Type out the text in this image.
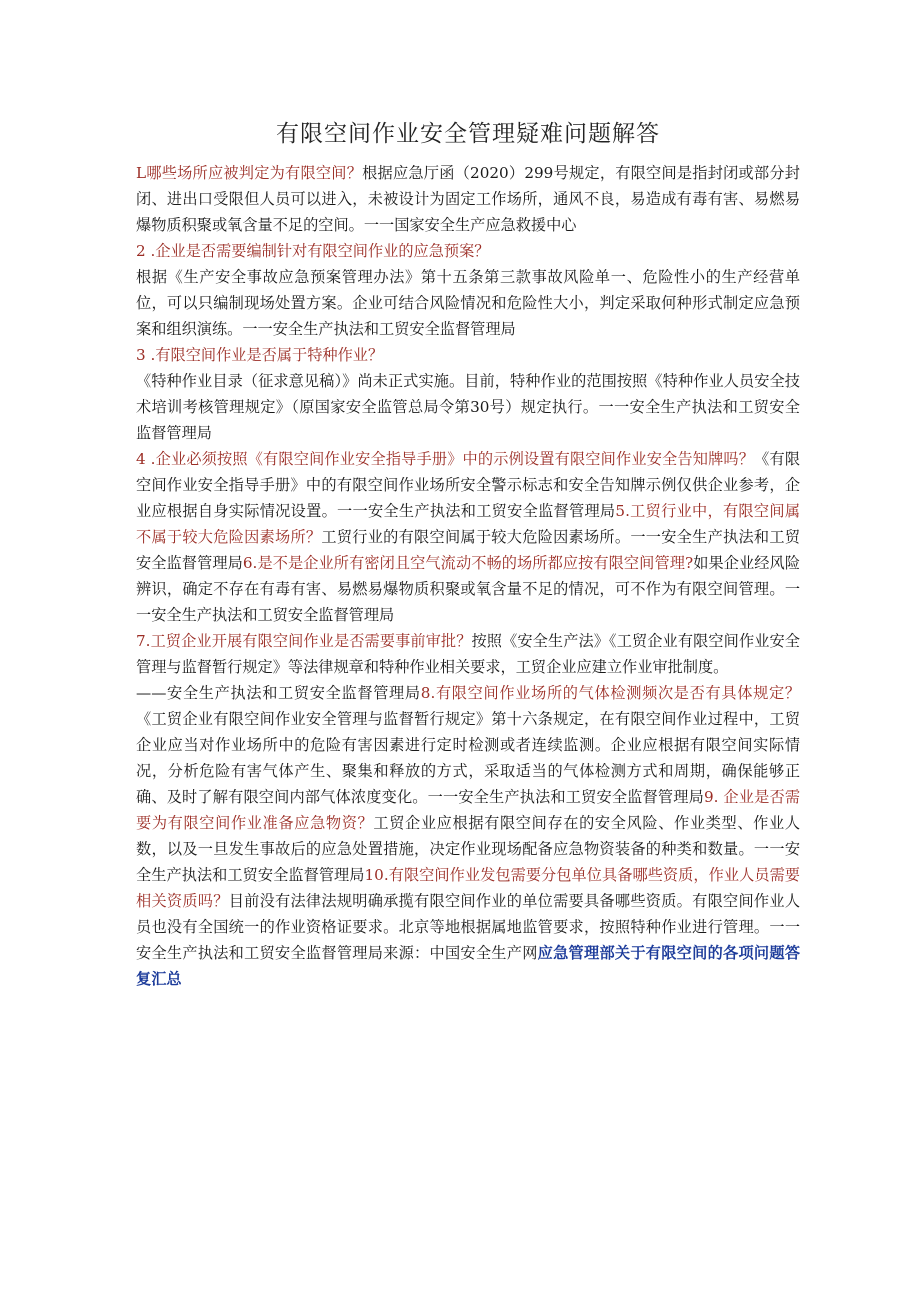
有限空间作业安全管理疑难问题解答

L哪些场所应被判定为有限空间？根据应急厅函（2020）299号规定，有限空间是指封闭或部分封闭、进出口受限但人员可以进入，未被设计为固定工作场所，通风不良，易造成有毒有害、易燃易爆物质积聚或氧含量不足的空间。一一国家安全生产应急救援中心

2 .企业是否需要编制针对有限空间作业的应急预案？

根据《生产安全事故应急预案管理办法》第十五条第三款事故风险单一、危险性小的生产经营单位，可以只编制现场处置方案。企业可结合风险情况和危险性大小，判定采取何种形式制定应急预案和组织演练。一一安全生产执法和工贸安全监督管理局

3 .有限空间作业是否属于特种作业？

《特种作业目录（征求意见稿）》尚未正式实施。目前，特种作业的范围按照《特种作业人员安全技术培训考核管理规定》（原国家安全监管总局令第30号）规定执行。一一安全生产执法和工贸安全监督管理局

4 .企业必须按照《有限空间作业安全指导手册》中的示例设置有限空间作业安全告知牌吗？《有限空间作业安全指导手册》中的有限空间作业场所安全警示标志和安全告知牌示例仅供企业参考，企业应根据自身实际情况设置。一一安全生产执法和工贸安全监督管理局5.工贸行业中，有限空间属不属于较大危险因素场所？工贸行业的有限空间属于较大危险因素场所。一一安全生产执法和工贸安全监督管理局6.是不是企业所有密闭且空气流动不畅的场所都应按有限空间管理?如果企业经风险辨识，确定不存在有毒有害、易燃易爆物质积聚或氧含量不足的情况，可不作为有限空间管理。一一安全生产执法和工贸安全监督管理局

7.工贸企业开展有限空间作业是否需要事前审批？按照《安全生产法》《工贸企业有限空间作业安全管理与监督暂行规定》等法律规章和特种作业相关要求，工贸企业应建立作业审批制度。

——安全生产执法和工贸安全监督管理局8.有限空间作业场所的气体检测频次是否有具体规定？《工贸企业有限空间作业安全管理与监督暂行规定》第十六条规定，在有限空间作业过程中，工贸企业应当对作业场所中的危险有害因素进行定时检测或者连续监测。企业应根据有限空间实际情况，分析危险有害气体产生、聚集和释放的方式，采取适当的气体检测方式和周期，确保能够正确、及时了解有限空间内部气体浓度变化。一一安全生产执法和工贸安全监督管理局9. 企业是否需要为有限空间作业准备应急物资？工贸企业应根据有限空间存在的安全风险、作业类型、作业人数，以及一旦发生事故后的应急处置措施，决定作业现场配备应急物资装备的种类和数量。一一安全生产执法和工贸安全监督管理局10.有限空间作业发包需要分包单位具备哪些资质，作业人员需要相关资质吗？目前没有法律法规明确承揽有限空间作业的单位需要具备哪些资质。有限空间作业人员也没有全国统一的作业资格证要求。北京等地根据属地监管要求，按照特种作业进行管理。一一安全生产执法和工贸安全监督管理局来源：中国安全生产网应急管理部关于有限空间的各项问题答复汇总
